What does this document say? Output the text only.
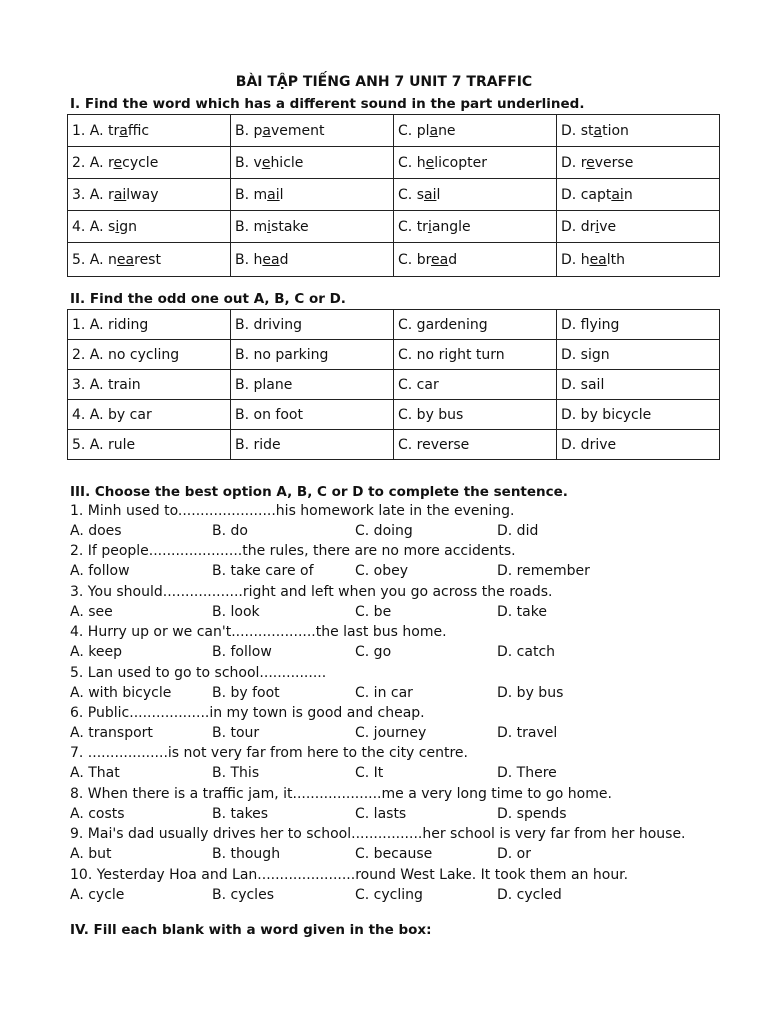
BÀI TẬP TIẾNG ANH 7 UNIT 7 TRAFFIC
I. Find the word which has a different sound in the part underlined.
1. A. traffic	B. pavement	C. plane	D. station
2. A. recycle	B. vehicle	C. helicopter	D. reverse
3. A. railway	B. mail	C. sail	D. captain
4. A. sign	B. mistake	C. triangle	D. drive
5. A. nearest	B. head	C. bread	D. health
II. Find the odd one out A, B, C or D.
1. A. riding	B. driving	C. gardening	D. flying
2. A. no cycling	B. no parking	C. no right turn	D. sign
3. A. train	B. plane	C. car	D. sail
4. A. by car	B. on foot	C. by bus	D. by bicycle
5. A. rule	B. ride	C. reverse	D. drive
III. Choose the best option A, B, C or D to complete the sentence.
1. Minh used to......................his homework late in the evening.
A. does	B. do	C. doing	D. did
2. If people.....................the rules, there are no more accidents.
A. follow	B. take care of	C. obey	D. remember
3. You should..................right and left when you go across the roads.
A. see	B. look	C. be	D. take
4. Hurry up or we can't...................the last bus home.
A. keep	B. follow	C. go	D. catch
5. Lan used to go to school...............
A. with bicycle	B. by foot	C. in car	D. by bus
6. Public..................in my town is good and cheap.
A. transport	B. tour	C. journey	D. travel
7. ..................is not very far from here to the city centre.
A. That	B. This	C. It	D. There
8. When there is a traffic jam, it....................me a very long time to go home.
A. costs	B. takes	C. lasts	D. spends
9. Mai's dad usually drives her to school................her school is very far from her house.
A. but	B. though	C. because	D. or
10. Yesterday Hoa and Lan......................round West Lake. It took them an hour.
A. cycle	B. cycles	C. cycling	D. cycled
IV. Fill each blank with a word given in the box:
